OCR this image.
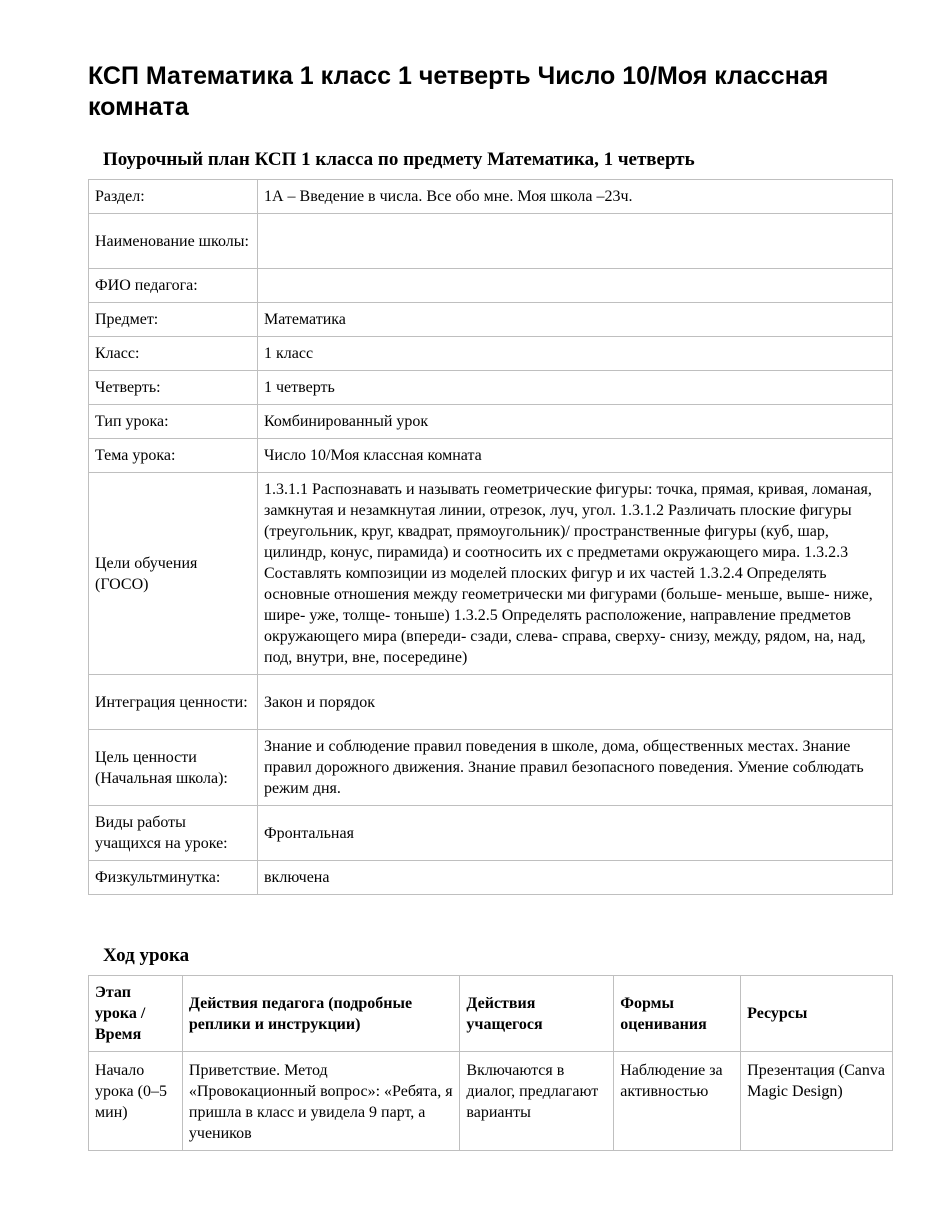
КСП Математика 1 класс 1 четверть Число 10/Моя классная комната
Поурочный план КСП 1 класса по предмету Математика, 1 четверть
Раздел:	1А – Введение в числа. Все обо мне. Моя школа –23ч.
Наименование школы:	
ФИО педагога:	
Предмет:	Математика
Класс:	1 класс
Четверть:	1 четверть
Тип урока:	Комбинированный урок
Тема урока:	Число 10/Моя классная комната
Цели обучения (ГОСО)	1.3.1.1 Распознавать и называть геометрические фигуры: точка, прямая, кривая, ломаная, замкнутая и незамкнутая линии, отрезок, луч, угол. 1.3.1.2 Различать плоские фигуры (треугольник, круг, квадрат, прямоугольник)/ пространственные фигуры (куб, шар, цилиндр, конус, пирамида) и соотносить их с предметами окружающего мира. 1.3.2.3 Составлять композиции из моделей плоских фигур и их частей 1.3.2.4 Определять основные отношения между геометрически ми фигурами (больше- меньше, выше- ниже, шире- уже, толще- тоньше) 1.3.2.5 Определять расположение, направление предметов окружающего мира (впереди- сзади, слева- справа, сверху- снизу, между, рядом, на, над, под, внутри, вне, посередине)
Интеграция ценности:	Закон и порядок
Цель ценности (Начальная школа):	Знание и соблюдение правил поведения в школе, дома, общественных местах. Знание правил дорожного движения. Знание правил безопасного поведения. Умение соблюдать режим дня.
Виды работы учащихся на уроке:	Фронтальная
Физкультминутка:	включена
Ход урока
Этап урока / Время	Действия педагога (подробные реплики и инструкции)	Действия учащегося	Формы оценивания	Ресурсы
Начало урока (0–5 мин)	Приветствие. Метод «Провокационный вопрос»: «Ребята, я пришла в класс и увидела 9 парт, а учеников	Включаются в диалог, предлагают варианты	Наблюдение за активностью	Презентация (Canva Magic Design)
